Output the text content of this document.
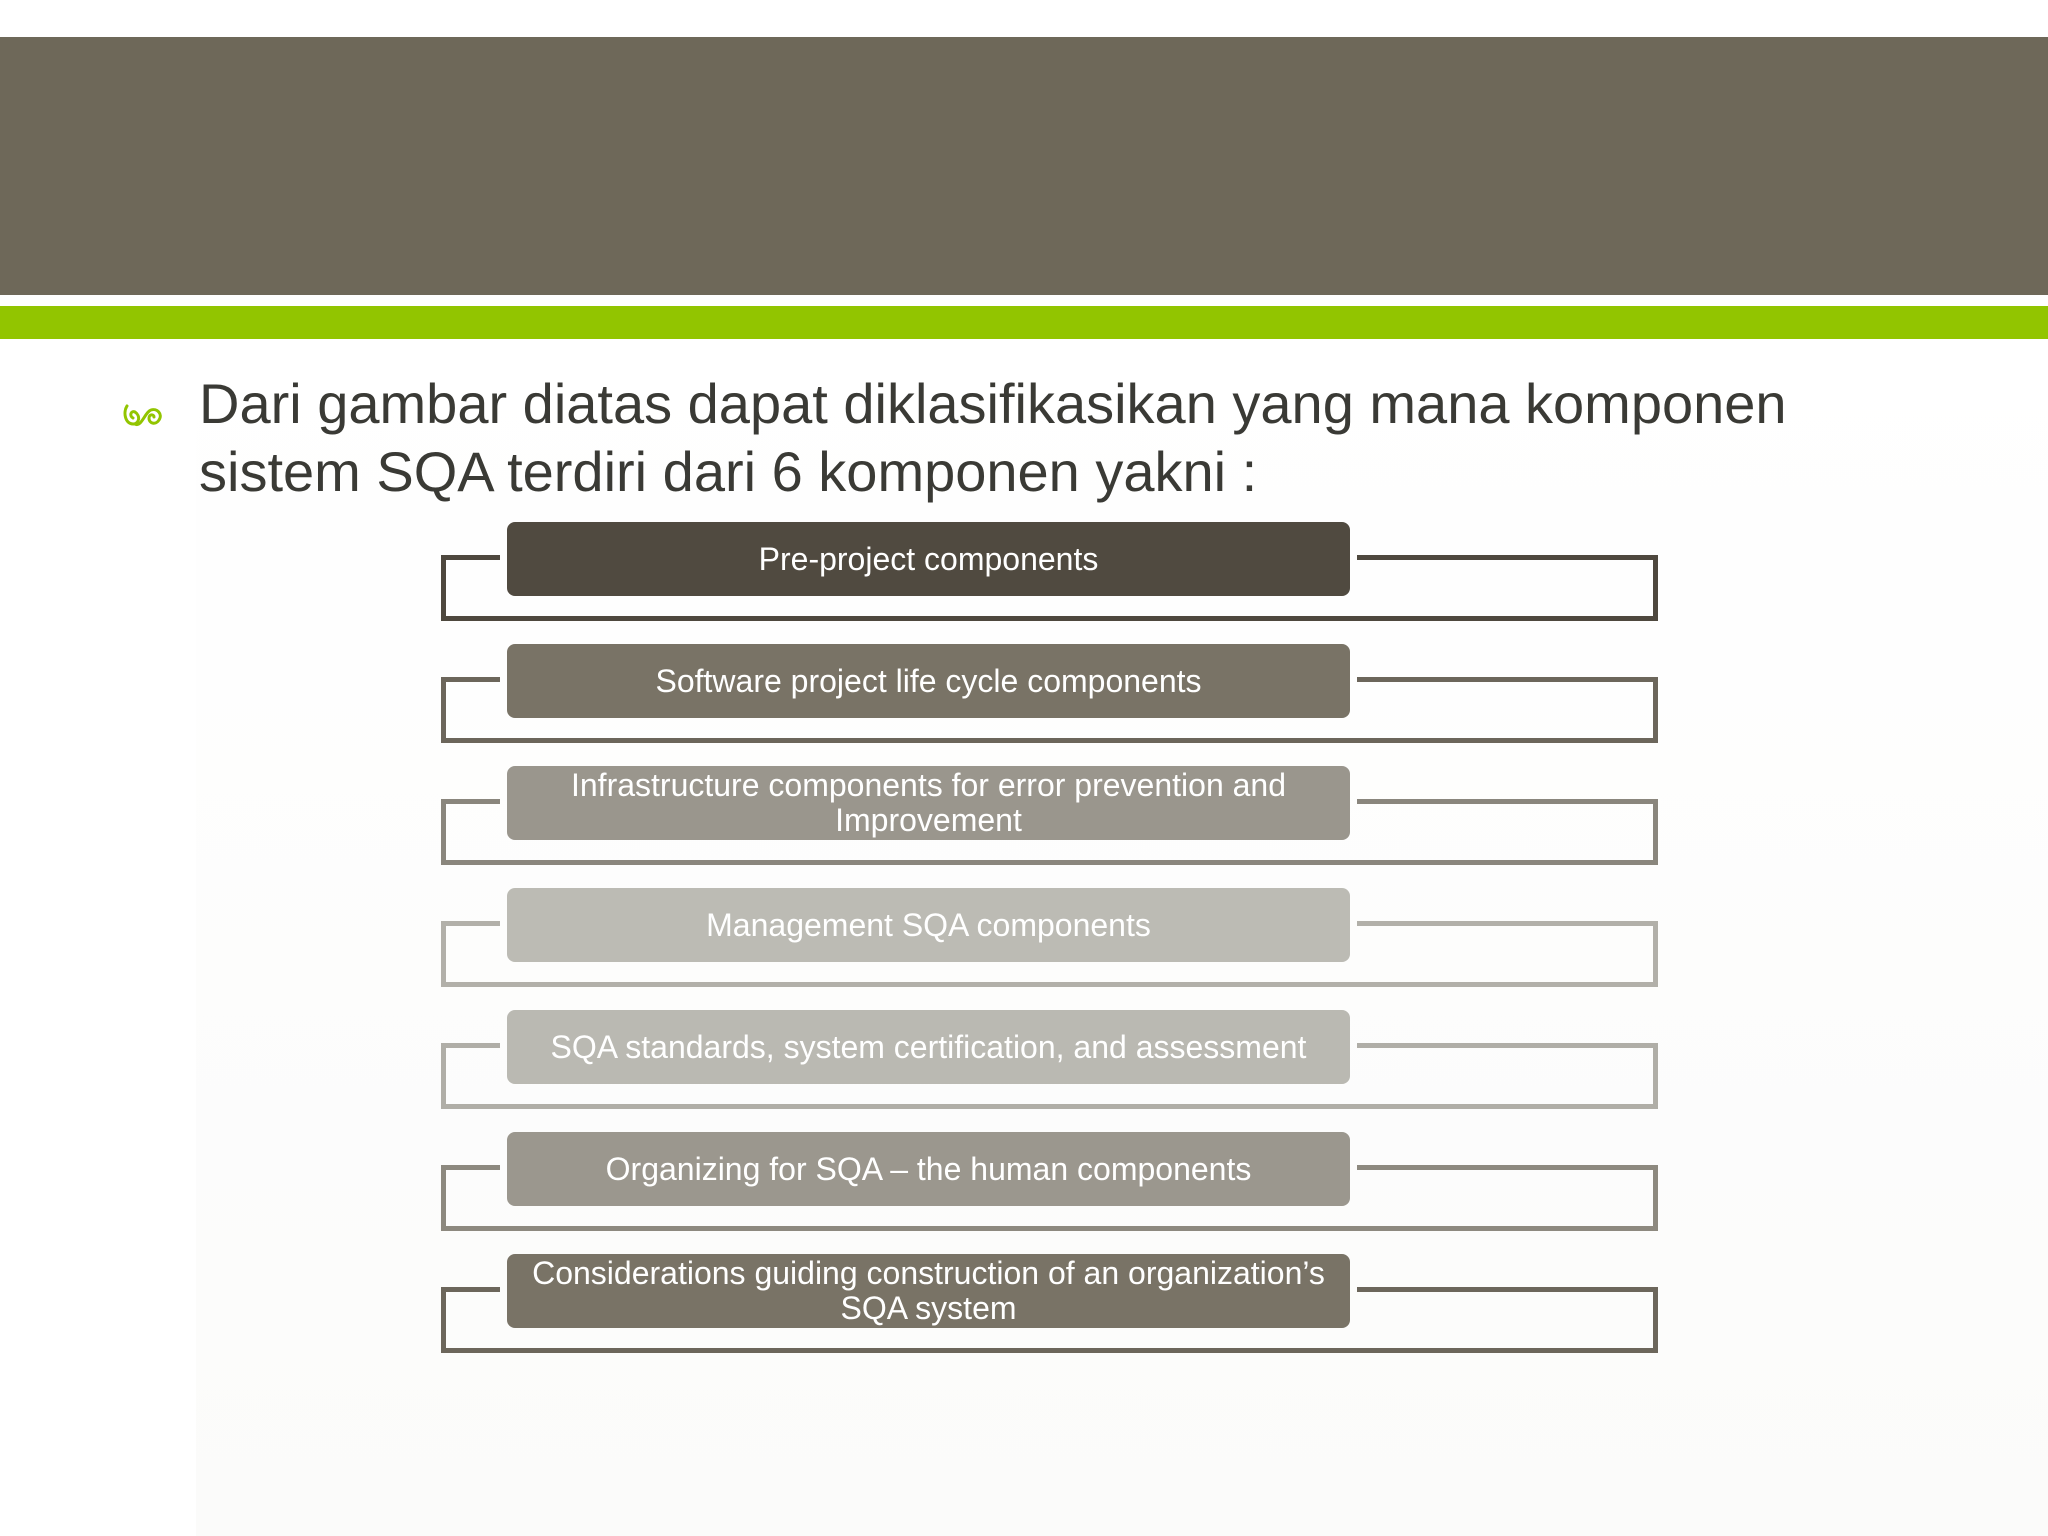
Dari gambar diatas dapat diklasifikasikan yang mana komponen sistem SQA terdiri dari 6 komponen yakni :
Pre-project components
Software project life cycle components
Infrastructure components for error prevention and Improvement
Management SQA components
SQA standards, system certification, and assessment
Organizing for SQA – the human components
Considerations guiding construction of an organization’s SQA system
